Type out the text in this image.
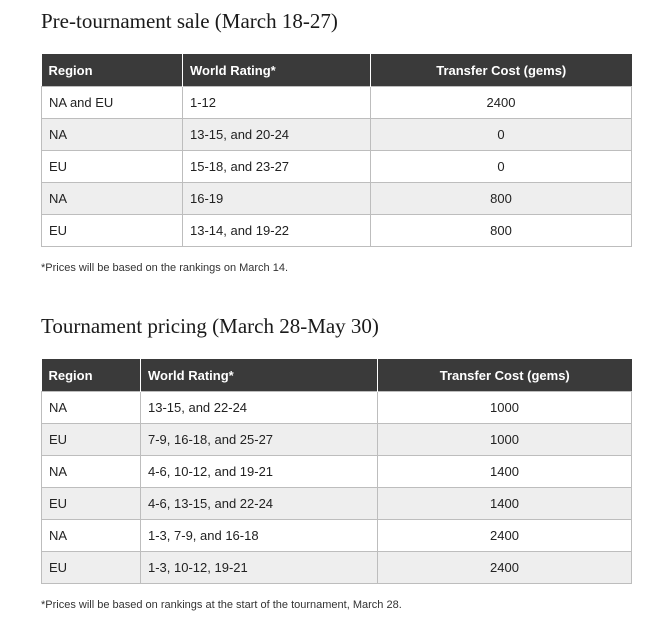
Pre-tournament sale (March 18-27)
Region	World Rating*	Transfer Cost (gems)
NA and EU	1-12	2400
NA	13-15, and 20-24	0
EU	15-18, and 23-27	0
NA	16-19	800
EU	13-14, and 19-22	800

*Prices will be based on the rankings on March 14.

Tournament pricing (March 28-May 30)
Region	World Rating*	Transfer Cost (gems)
NA	13-15, and 22-24	1000
EU	7-9, 16-18, and 25-27	1000
NA	4-6, 10-12, and 19-21	1400
EU	4-6, 13-15, and 22-24	1400
NA	1-3, 7-9, and 16-18	2400
EU	1-3, 10-12, 19-21	2400

*Prices will be based on rankings at the start of the tournament, March 28.
